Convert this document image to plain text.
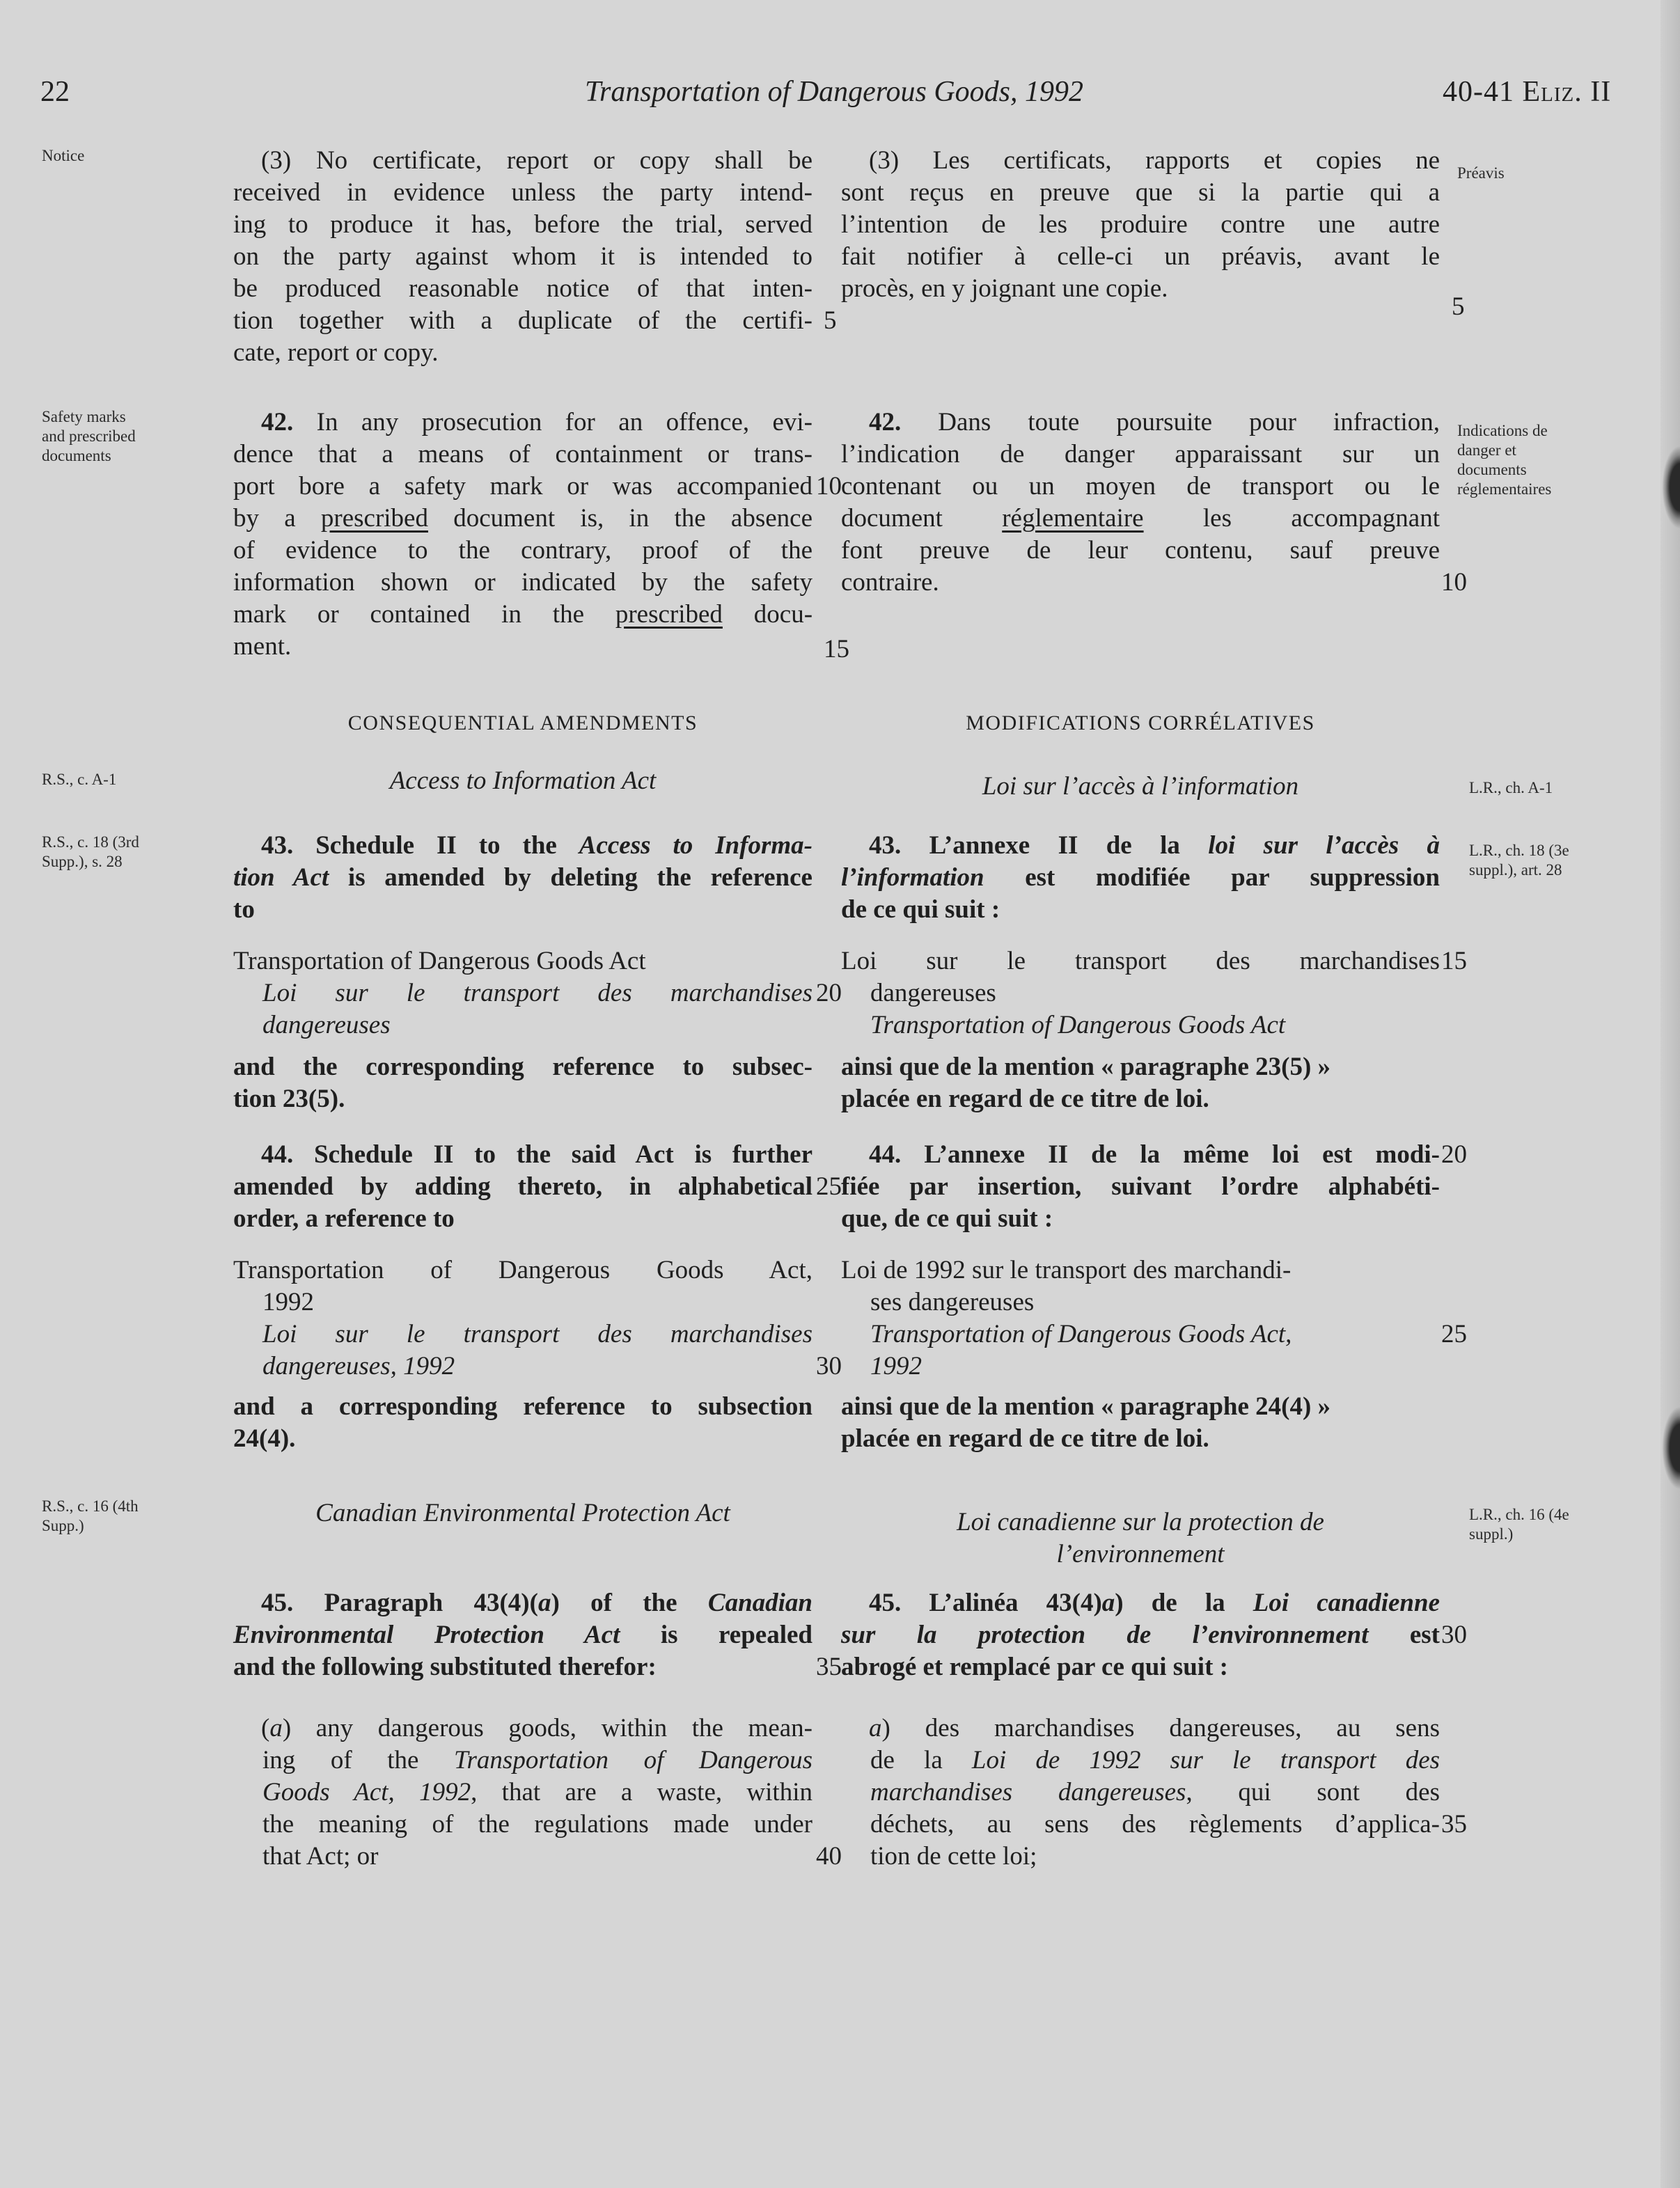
22	Transportation of Dangerous Goods, 1992	40-41 Eliz. II
Notice
Préavis
(3) No certificate, report or copy shall be
received in evidence unless the party intend-
ing to produce it has, before the trial, served
on the party against whom it is intended to
be produced reasonable notice of that inten-
tion together with a duplicate of the certifi-
cate, report or copy.
5
(3) Les certificats, rapports et copies ne
sont reçus en preuve que si la partie qui a
l’intention de les produire contre une autre
fait notifier à celle-ci un préavis, avant le
procès, en y joignant une copie.
5
Safety marks
and prescribed
documents
Indications de
danger et
documents
réglementaires
42. In any prosecution for an offence, evi-
dence that a means of containment or trans-
port bore a safety mark or was accompanied
by a prescribed document is, in the absence
of evidence to the contrary, proof of the
information shown or indicated by the safety
mark or contained in the prescribed docu-
ment.
10
15
42. Dans toute poursuite pour infraction,
l’indication de danger apparaissant sur un
contenant ou un moyen de transport ou le
document réglementaire les accompagnant
font preuve de leur contenu, sauf preuve
contraire.	10
CONSEQUENTIAL AMENDMENTS	MODIFICATIONS CORRÉLATIVES
R.S., c. A-1	L.R., ch. A-1
Access to Information Act	Loi sur l’accès à l’information
R.S., c. 18 (3rd
Supp.), s. 28
L.R., ch. 18 (3e
suppl.), art. 28
43. Schedule II to the Access to Informa-
tion Act is amended by deleting the reference
to
Transportation of Dangerous Goods Act
Loi sur le transport des marchandises
dangereuses
20
and the corresponding reference to subsec-
tion 23(5).
43. L’annexe II de la loi sur l’accès à
l’information est modifiée par suppression
de ce qui suit :
Loi sur le transport des marchandises
dangereuses
Transportation of Dangerous Goods Act
15
ainsi que de la mention « paragraphe 23(5) »
placée en regard de ce titre de loi.
44. Schedule II to the said Act is further
amended by adding thereto, in alphabetical
order, a reference to
25
Transportation of Dangerous Goods Act,
1992
Loi sur le transport des marchandises
dangereuses, 1992	30
and a corresponding reference to subsection
24(4).
44. L’annexe II de la même loi est modi-
fiée par insertion, suivant l’ordre alphabéti-
que, de ce qui suit :
20
Loi de 1992 sur le transport des marchandi-
ses dangereuses
Transportation of Dangerous Goods Act,
1992
25
ainsi que de la mention « paragraphe 24(4) »
placée en regard de ce titre de loi.
R.S., c. 16 (4th
Supp.)
L.R., ch. 16 (4e
suppl.)
Canadian Environmental Protection Act	Loi canadienne sur la protection de
l’environnement
45. Paragraph 43(4)(a) of the Canadian
Environmental Protection Act is repealed
and the following substituted therefor:	35
(a) any dangerous goods, within the mean-
ing of the Transportation of Dangerous
Goods Act, 1992, that are a waste, within
the meaning of the regulations made under
that Act; or	40
45. L’alinéa 43(4)a) de la Loi canadienne
sur la protection de l’environnement est
abrogé et remplacé par ce qui suit :
30
a) des marchandises dangereuses, au sens
de la Loi de 1992 sur le transport des
marchandises dangereuses, qui sont des
déchets, au sens des règlements d’applica-
tion de cette loi;
35
